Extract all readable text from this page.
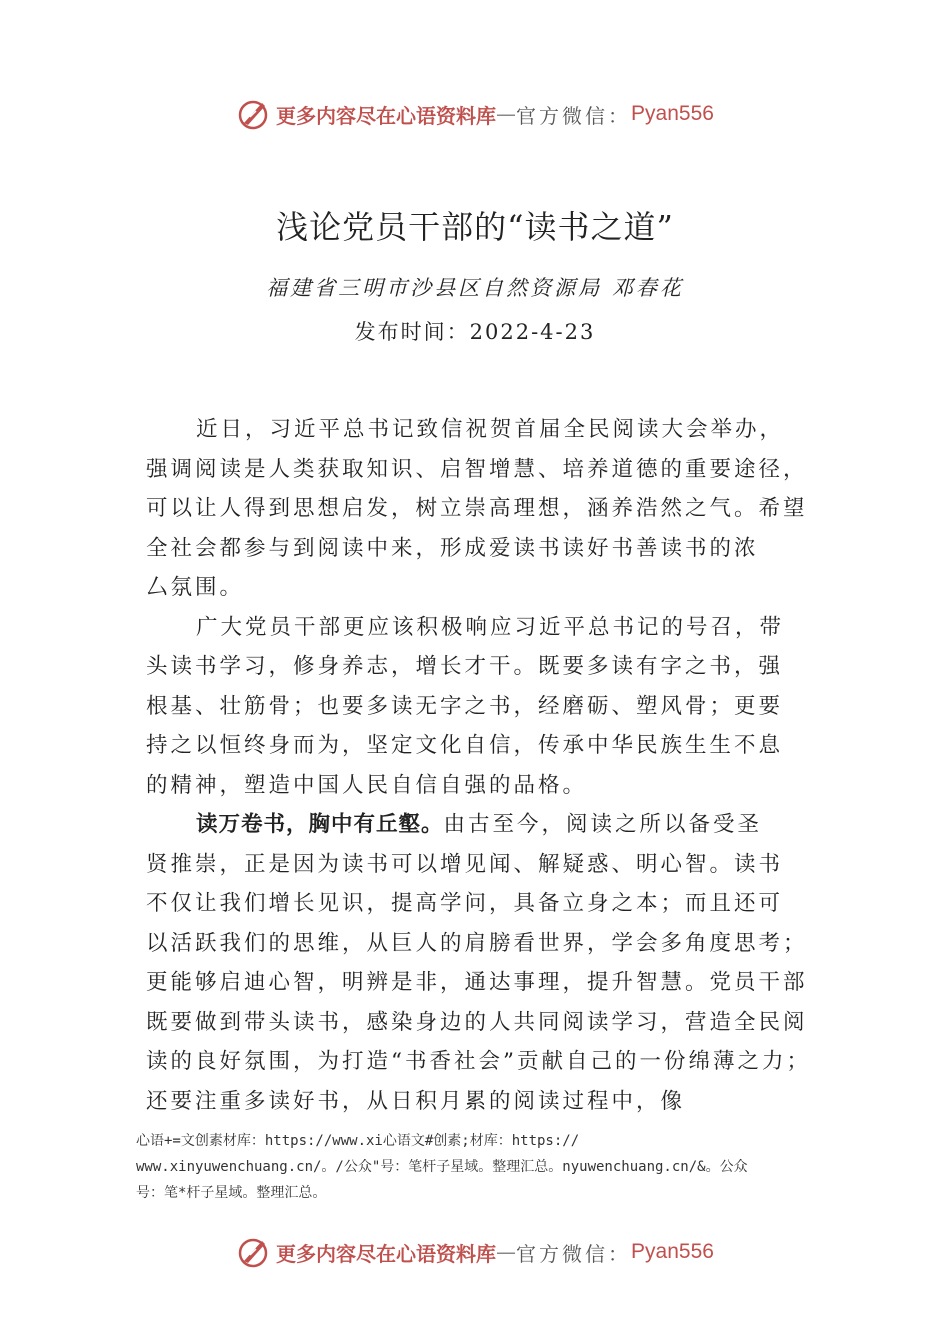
更多内容尽在心语资料库 — 官方微信： Pyan556
浅论党员干部的“读书之道”
福建省三明市沙县区自然资源局 邓春花
发布时间：2022-4-23

近日，习近平总书记致信祝贺首届全民阅读大会举办，
强调阅读是人类获取知识、启智增慧、培养道德的重要途径，
可以让人得到思想启发，树立崇高理想，涵养浩然之气。希望
全社会都参与到阅读中来，形成爱读书读好书善读书的浓
厶氛围。

广大党员干部更应该积极响应习近平总书记的号召，带
头读书学习，修身养志，增长才干。既要多读有字之书，强
根基、壮筋骨；也要多读无字之书，经磨砺、塑风骨；更要
持之以恒终身而为，坚定文化自信，传承中华民族生生不息
的精神，塑造中国人民自信自强的品格。

读万卷书，胸中有丘壑。由古至今，阅读之所以备受圣
贤推崇，正是因为读书可以增见闻、解疑惑、明心智。读书
不仅让我们增长见识，提高学问，具备立身之本；而且还可
以活跃我们的思维，从巨人的肩膀看世界，学会多角度思考；
更能够启迪心智，明辨是非，通达事理，提升智慧。党员干部
既要做到带头读书，感染身边的人共同阅读学习，营造全民阅
读的良好氛围，为打造“书香社会”贡献自己的一份绵薄之力；
还要注重多读好书，从日积月累的阅读过程中，像

心语+=文创素材库：https://www.xi心语文#创素;材库：https://
www.xinyuwenchuang.cn/。/公众"号：笔杆子星域。整理汇总。nyuwenchuang.cn/&。公众
号：笔*杆子星域。整理汇总。
更多内容尽在心语资料库 — 官方微信： Pyan556
